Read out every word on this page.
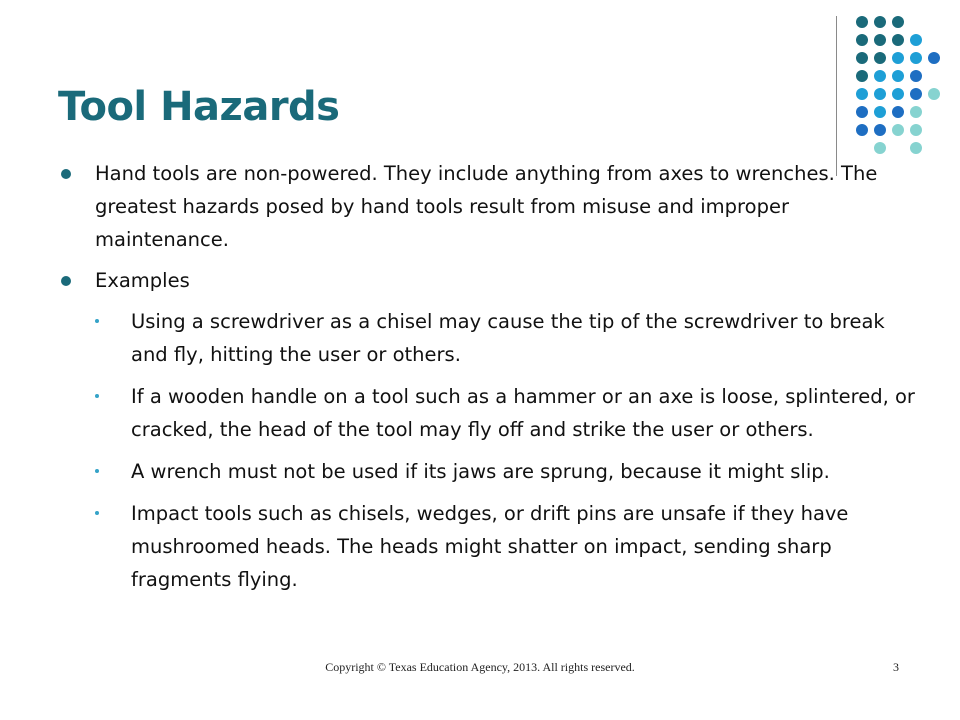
Tool Hazards
Hand tools are non-powered. They include anything from axes to wrenches. The greatest hazards posed by hand tools result from misuse and improper maintenance.
Examples
Using a screwdriver as a chisel may cause the tip of the screwdriver to break and fly, hitting the user or others.
If a wooden handle on a tool such as a hammer or an axe is loose, splintered, or cracked, the head of the tool may fly off and strike the user or others.
A wrench must not be used if its jaws are sprung, because it might slip.
Impact tools such as chisels, wedges, or drift pins are unsafe if they have mushroomed heads. The heads might shatter on impact, sending sharp fragments flying.
Copyright © Texas Education Agency, 2013. All rights reserved.	3
